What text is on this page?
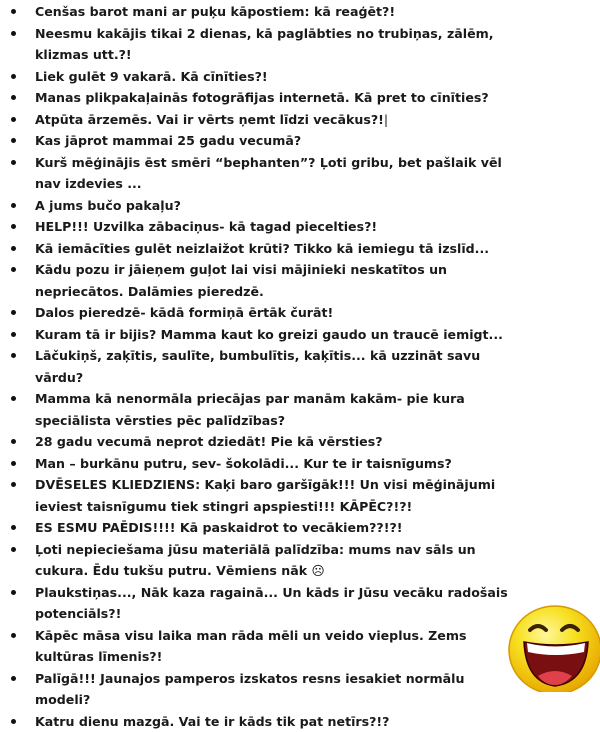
Cenšas barot mani ar puķu kāpostiem: kā reaģēt?!
Neesmu kakājis tikai 2 dienas, kā paglābties no trubiņas, zālēm, klizmas utt.?!
Liek gulēt 9 vakarā. Kā cīnīties?!
Manas plikpakaļainās fotogrāfijas internetā. Kā pret to cīnīties?
Atpūta ārzemēs. Vai ir vērts ņemt līdzi vecākus?!|
Kas jāprot mammai 25 gadu vecumā?
Kurš mēģinājis ēst smēri “bephanten”? Ļoti gribu, bet pašlaik vēl nav izdevies ...
A jums bučo pakaļu?
HELP!!! Uzvilka zābaciņus- kā tagad piecelties?!
Kā iemācīties gulēt neizlaižot krūti? Tikko kā iemiegu tā izslīd...
Kādu pozu ir jāieņem guļot lai visi mājinieki neskatītos un nepriecātos. Dalāmies pieredzē.
Dalos pieredzē- kādā formiņā ērtāk čurāt!
Kuram tā ir bijis? Mamma kaut ko greizi gaudo un traucē iemigt...
Lāčukiņš, zaķītis, saulīte, bumbulītis, kaķītis... kā uzzināt savu vārdu?
Mamma kā nenormāla priecājas par manām kakām- pie kura speciālista vērsties pēc palīdzības?
28 gadu vecumā neprot dziedāt! Pie kā vērsties?
Man – burkānu putru, sev- šokolādi... Kur te ir taisnīgums?
DVĒSELES KLIEDZIENS: Kaķi baro garšīgāk!!! Un visi mēģinājumi ieviest taisnīgumu tiek stingri apspiesti!!! KĀPĒC?!?!
ES ESMU PAĒDIS!!!! Kā paskaidrot to vecākiem??!?!
Ļoti nepieciešama jūsu materiālā palīdzība: mums nav sāls un cukura. Ēdu tukšu putru. Vēmiens nāk ☹
Plaukstiņas..., Nāk kaza ragainā... Un kāds ir Jūsu vecāku radošais potenciāls?!
Kāpēc māsa visu laika man rāda mēli un veido vieplus. Zems kultūras līmenis?!
Palīgā!!! Jaunajos pamperos izskatos resns iesakiet normālu modeli?
Katru dienu mazgā. Vai te ir kāds tik pat netīrs?!?
